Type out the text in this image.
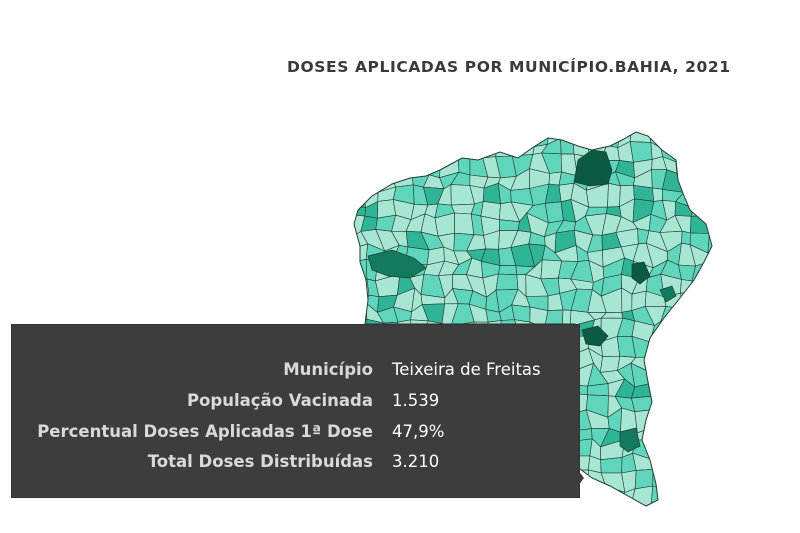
DOSES APLICADAS POR MUNICÍPIO.BAHIA, 2021
Município Teixeira de Freitas
População Vacinada 1.539
Percentual Doses Aplicadas 1ª Dose 47,9%
Total Doses Distribuídas 3.210
